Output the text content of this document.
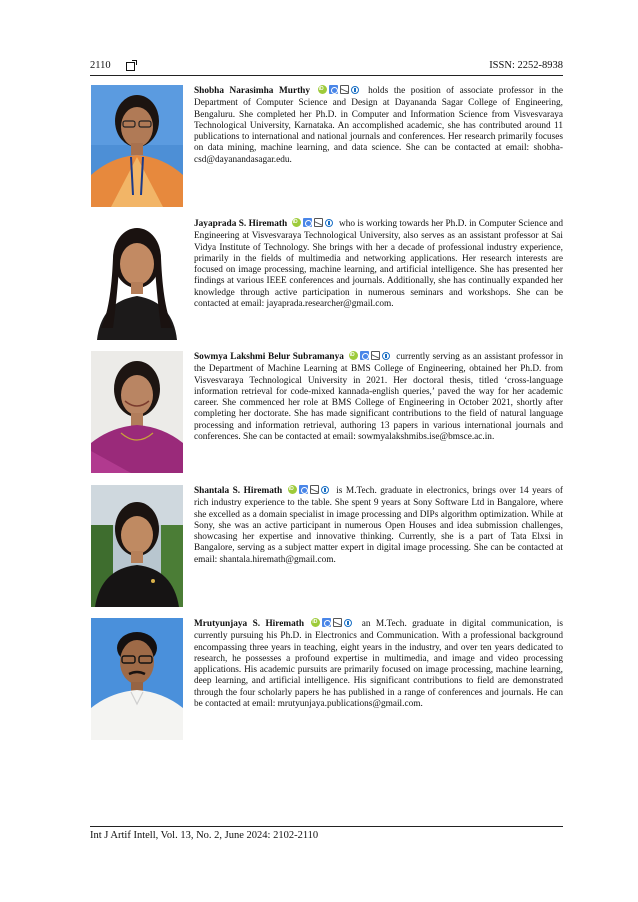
2110	ISSN: 2252-8938
Shobha Narasimha Murthy iD	holds the position of associate professor in the Department of Computer Science and Design at Dayananda Sagar College of Engineering, Bengaluru. She completed her Ph.D. in Computer and Information Science from Visvesvaraya Technological University, Karnataka. An accomplished academic, she has contributed around 11 publications to international and national journals and conferences. Her research primarily focuses on data mining, machine learning, and data science. She can be contacted at email: shobha-csd@dayanandasagar.edu.
Jayaprada S. Hiremath iD	who is working towards her Ph.D. in Computer Science and Engineering at Visvesvaraya Technological University, also serves as an assistant professor at Sai Vidya Institute of Technology. She brings with her a decade of professional industry experience, primarily in the fields of multimedia and networking applications. Her research interests are focused on image processing, machine learning, and artificial intelligence. She has presented her findings at various IEEE conferences and journals. Additionally, she has continually expanded her knowledge through active participation in numerous seminars and workshops. She can be contacted at email: jayaprada.researcher@gmail.com.
Sowmya Lakshmi Belur Subramanya iD	currently serving as an assistant professor in the Department of Machine Learning at BMS College of Engineering, obtained her Ph.D. from Visvesvaraya Technological University in 2021. Her doctoral thesis, titled ‘cross-language information retrieval for code-mixed kannada-english queries,’ paved the way for her academic career. She commenced her role at BMS College of Engineering in October 2021, shortly after completing her doctorate. She has made significant contributions to the field of natural language processing and information retrieval, authoring 13 papers in various international journals and conferences. She can be contacted at email: sowmyalakshmibs.ise@bmsce.ac.in.
Shantala S. Hiremath iD	is M.Tech. graduate in electronics, brings over 14 years of rich industry experience to the table. She spent 9 years at Sony Software Ltd in Bangalore, where she excelled as a domain specialist in image processing and DIPs algorithm optimization. While at Sony, she was an active participant in numerous Open Houses and idea submission challenges, showcasing her expertise and innovative thinking. Currently, she is a part of Tata Elxsi in Bangalore, serving as a subject matter expert in digital image processing. She can be contacted at email: shantala.hiremath@gmail.com.
Mrutyunjaya S. Hiremath iD	an M.Tech. graduate in digital communication, is currently pursuing his Ph.D. in Electronics and Communication. With a professional background encompassing three years in teaching, eight years in the industry, and over ten years dedicated to research, he possesses a profound expertise in multimedia, and image and video processing applications. His academic pursuits are primarily focused on image processing, machine learning, deep learning, and artificial intelligence. His significant contributions to field are demonstrated through the four scholarly papers he has published in a range of conferences and journals. He can be contacted at email: mrutyunjaya.publications@gmail.com.
Int J Artif Intell, Vol. 13, No. 2, June 2024: 2102-2110
